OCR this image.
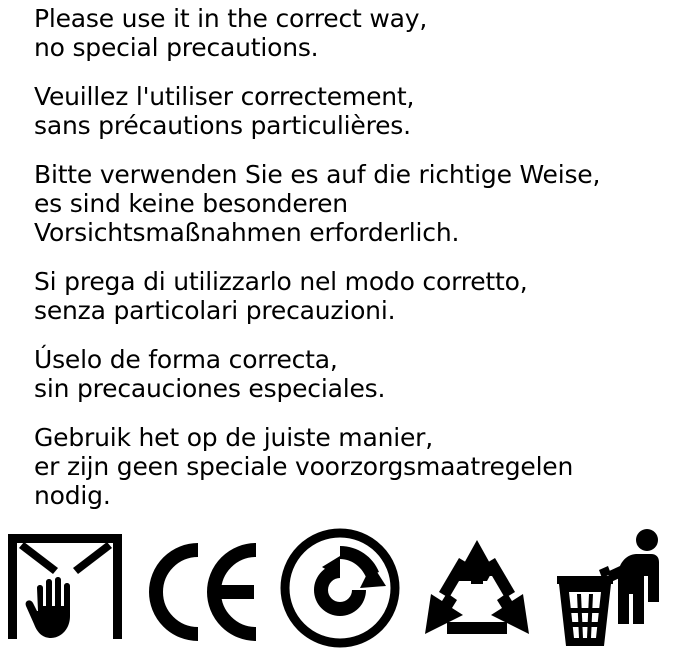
Please use it in the correct way,
no special precautions.
Veuillez l'utiliser correctement,
sans précautions particulières.
Bitte verwenden Sie es auf die richtige Weise,
es sind keine besonderen
Vorsichtsmaßnahmen erforderlich.
Si prega di utilizzarlo nel modo corretto,
senza particolari precauzioni.
Úselo de forma correcta,
sin precauciones especiales.
Gebruik het op de juiste manier,
er zijn geen speciale voorzorgsmaatregelen
nodig.
